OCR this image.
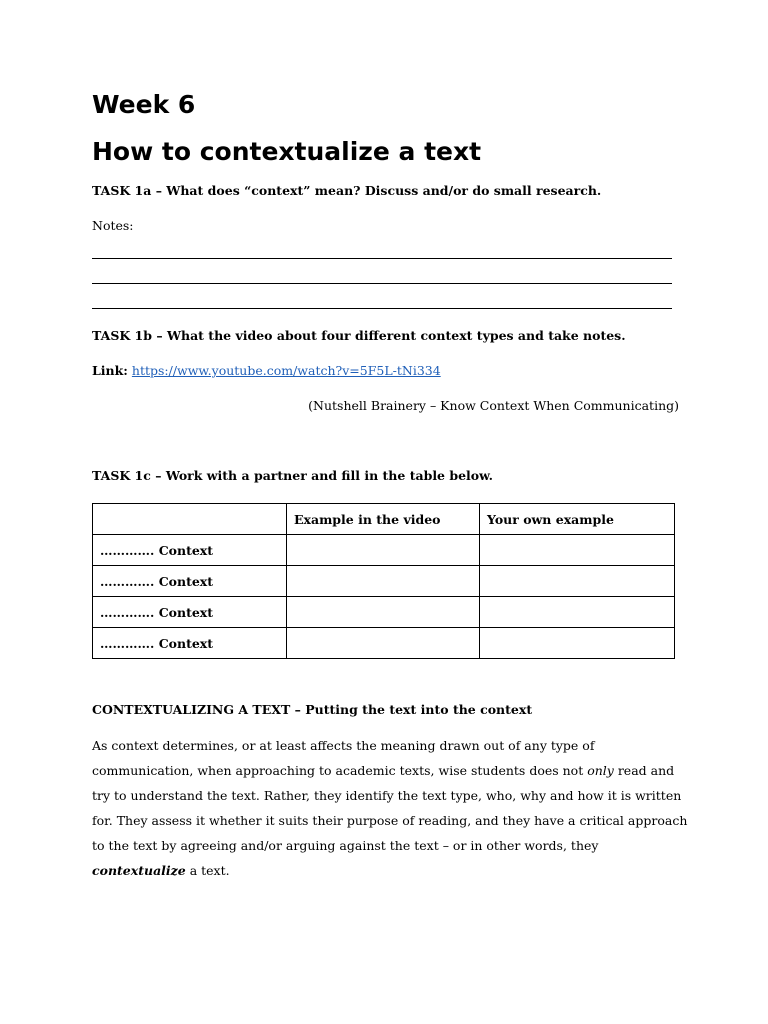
Week 6
How to contextualize a text

TASK 1a – What does “context” mean? Discuss and/or do small research.

Notes:

TASK 1b – What the video about four different context types and take notes.

Link: https://www.youtube.com/watch?v=5F5L-tNi334

(Nutshell Brainery – Know Context When Communicating)

TASK 1c – Work with a partner and fill in the table below.

	Example in the video	Your own example
…………. Context		
…………. Context		
…………. Context		
…………. Context		

CONTEXTUALIZING A TEXT – Putting the text into the context

As context determines, or at least affects the meaning drawn out of any type of communication, when approaching to academic texts, wise students does not only read and try to understand the text. Rather, they identify the text type, who, why and how it is written for. They assess it whether it suits their purpose of reading, and they have a critical approach to the text by agreeing and/or arguing against the text – or in other words, they contextualize a text.
